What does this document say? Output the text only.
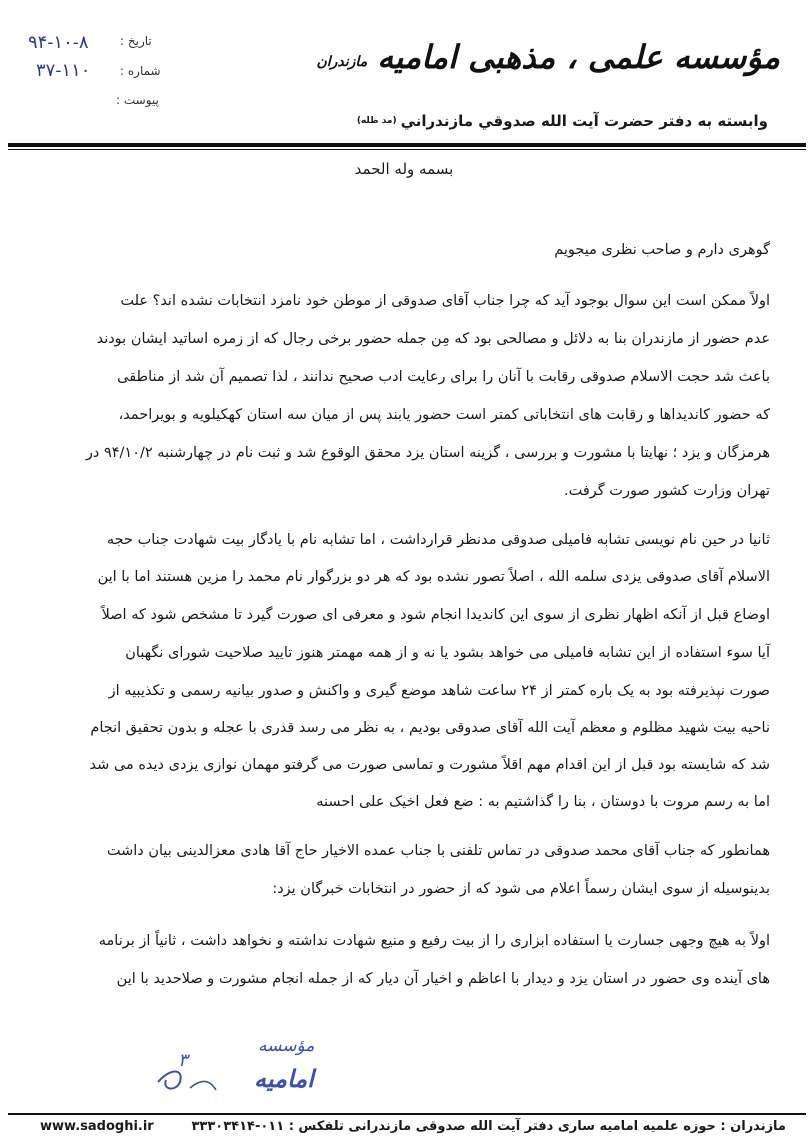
۹۴-۱۰-۸	تاریخ :
۳۷-۱۱۰ شماره :
پیوست :
مؤسسه علمی ، مذهبی امامیه
مازندران
وابسته به دفتر حضرت آیت الله صدوقي مازندراني
(مد ظله)
بسمه وله الحمد
گوهری دارم و صاحب نظری میجویم
اولاً ممکن است این سوال بوجود آید که چرا جناب آقای صدوقی از موطن خود نامزد انتخابات نشده اند؟ علت
عدم حضور از مازندران بنا به دلائل و مصالحی بود که مِن جمله حضور برخی رجال که از زمره اساتید ایشان بودند
باعث شد حجت الاسلام صدوقی رقابت با آنان را برای رعایت ادب صحیح ندانند ، لذا تصمیم آن شد از مناطقی
که حضور کاندیداها و رقابت های انتخاباتی کمتر است حضور یابند پس از میان سه استان کهکیلویه و بویراحمد،
هرمزگان و یزد ؛ نهایتا با مشورت و بررسی ، گزینه استان یزد محقق الوقوع شد و ثبت نام در چهارشنبه ۹۴/۱۰/۲ در
تهران وزارت کشور صورت گرفت.
ثانیا در حین نام نویسی تشابه فامیلی صدوقی مدنظر قرارداشت ، اما تشابه نام با یادگار بیت شهادت جناب حجه
الاسلام آقای صدوقی یزدی سلمه الله ، اصلاً تصور نشده بود که هر دو بزرگوار نام محمد را مزین هستند اما با این
اوضاع قبل از آنکه اظهار نظری از سوی این کاندیدا انجام شود و معرفی ای صورت گیرد تا مشخص شود که اصلاً
آیا سوء استفاده از این تشابه فامیلی می خواهد بشود یا نه و از همه مهمتر هنوز تایید صلاحیت شورای نگهبان
صورت نپذیرفته بود به یک باره کمتر از ۲۴ ساعت شاهد موضع گیری و واکنش و صدور بیانیه رسمی و تکذیبیه از
ناحیه بیت شهید مظلوم و معظم آیت الله آقای صدوقی بودیم ، به نظر می رسد قدری با عجله و بدون تحقیق انجام
شد که شایسته بود قبل از این اقدام مهم اقلاً مشورت و تماسی صورت می گرفتو مهمان نوازی یزدی دیده می شد
اما به رسم مروت با دوستان ، بنا را گذاشتیم به : ضع فعل اخیک علی احسنه
همانطور که جناب آقای محمد صدوقی در تماس تلفنی با جناب عمده الاخیار حاج آقا هادی معزالدینی بیان داشت
بدینوسیله از سوی ایشان رسماً اعلام می شود که از حضور در انتخابات خبرگان یزد:
اولاً به هیچ وجهی جسارت یا استفاده ابزاری را از بیت رفیع و منیع شهادت نداشته و نخواهد داشت ، ثانیاً از برنامه
های آینده وی حضور در استان یزد و دیدار با اعاظم و اخیار آن دیار که از جمله انجام مشورت و صلاحدید با این
مؤسسه
امامیه
۳
www.sadoghi.ir	مازندران : حوزه علمیه امامیه ساری دفتر آیت الله صدوقی مازندرانی تلفکس : ۰۱۱-۳۳۳۰۳۴۱۴
